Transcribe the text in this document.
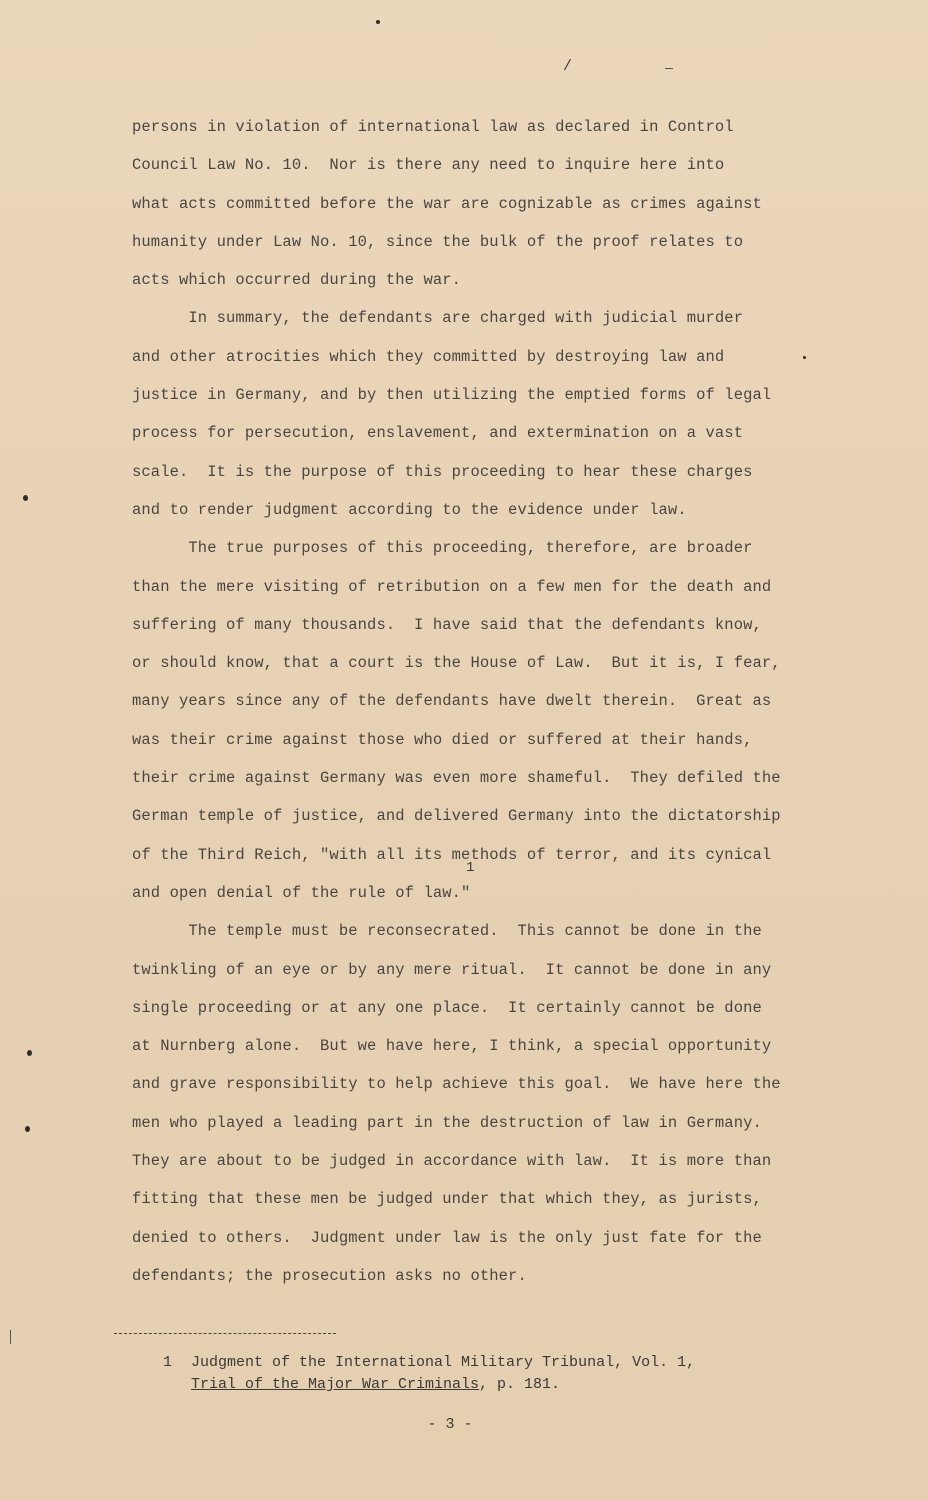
/
persons in violation of international law as declared in Control
Council Law No. 10.  Nor is there any need to inquire here into
what acts committed before the war are cognizable as crimes against
humanity under Law No. 10, since the bulk of the proof relates to
acts which occurred during the war.
In summary, the defendants are charged with judicial murder
and other atrocities which they committed by destroying law and
justice in Germany, and by then utilizing the emptied forms of legal
process for persecution, enslavement, and extermination on a vast
scale.  It is the purpose of this proceeding to hear these charges
and to render judgment according to the evidence under law.
The true purposes of this proceeding, therefore, are broader
than the mere visiting of retribution on a few men for the death and
suffering of many thousands.  I have said that the defendants know,
or should know, that a court is the House of Law.  But it is, I fear,
many years since any of the defendants have dwelt therein.  Great as
was their crime against those who died or suffered at their hands,
their crime against Germany was even more shameful.  They defiled the
German temple of justice, and delivered Germany into the dictatorship
of the Third Reich, "with all its methods of terror, and its cynical
and open denial of the rule of law."
The temple must be reconsecrated.  This cannot be done in the
twinkling of an eye or by any mere ritual.  It cannot be done in any
single proceeding or at any one place.  It certainly cannot be done
at Nurnberg alone.  But we have here, I think, a special opportunity
and grave responsibility to help achieve this goal.  We have here the
men who played a leading part in the destruction of law in Germany.
They are about to be judged in accordance with law.  It is more than
fitting that these men be judged under that which they, as jurists,
denied to others.  Judgment under law is the only just fate for the
defendants; the prosecution asks no other.
1
1 Judgment of the International Military Tribunal, Vol. 1,
Trial of the Major War Criminals, p. 181.
- 3 -
